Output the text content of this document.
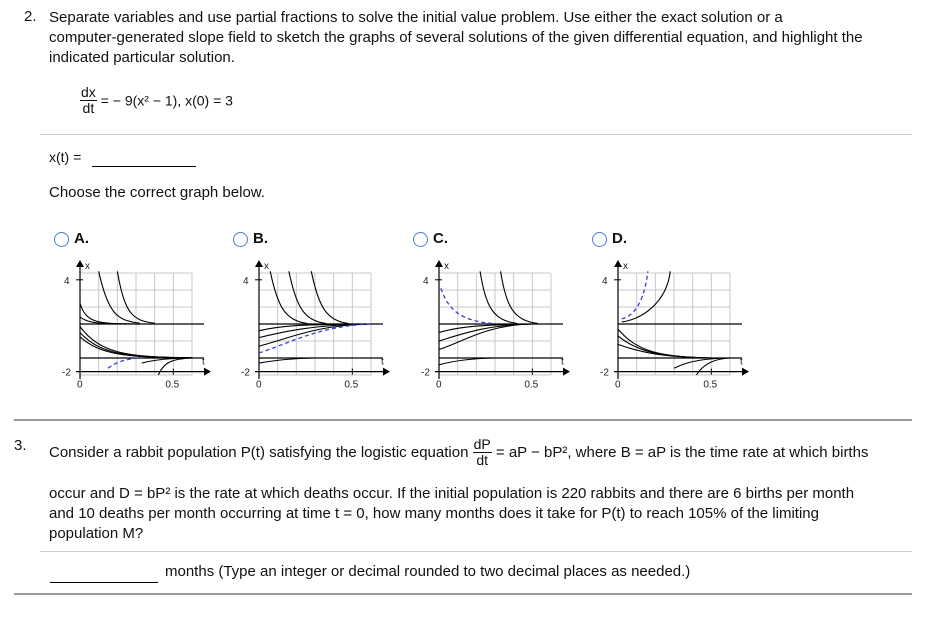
2. Separate variables and use partial fractions to solve the initial value problem. Use either the exact solution or a
computer-generated slope field to sketch the graphs of several solutions of the given differential equation, and highlight the
indicated particular solution.
$\frac{dx}{dt}$ = − 9(x² − 1), x(0) = 3
x(t) =
Choose the correct graph below.
A.	B.	C.	D.
x
t
4
-2
0	0.5
x
t
4
-2
0	0.5
x
t
4
-2
0	0.5
x
t
4
-2
0	0.5
3. Consider a rabbit population P(t) satisfying the logistic equation $\frac{dP}{dt}$ = aP − bP², where B = aP is the time rate at which births
occur and D = bP² is the rate at which deaths occur. If the initial population is 220 rabbits and there are 6 births per month
and 10 deaths per month occurring at time t = 0, how many months does it take for P(t) to reach 105% of the limiting
population M?
months (Type an integer or decimal rounded to two decimal places as needed.)
